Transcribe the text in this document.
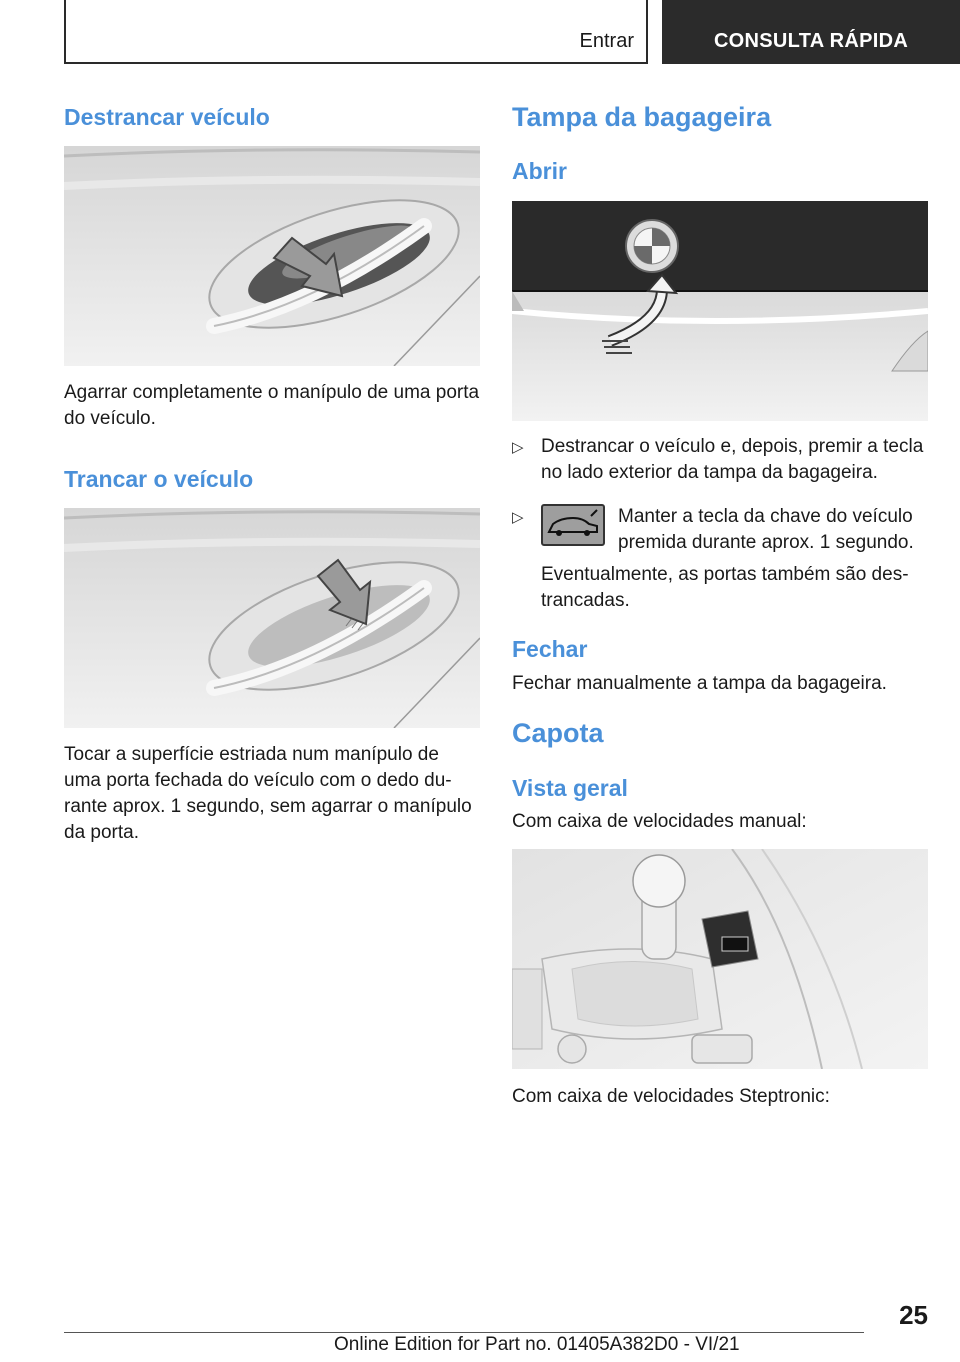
Entrar	CONSULTA RÁPIDA
Destrancar veículo

Agarrar completamente o manípulo de uma porta do veículo.

Trancar o veículo

Tocar a superfície estriada num manípulo de uma porta fechada do veículo com o dedo du-rante aprox. 1 segundo, sem agarrar o manípulo da porta.

Tampa da bagageira
Abrir
▷ Destrancar o veículo e, depois, premir a tecla no lado exterior da tampa da bagageira.

▷	Manter a tecla da chave do veículo premida durante aprox. 1 segundo.

Eventualmente, as portas também são des-trancadas.

Fechar

Fechar manualmente a tampa da bagageira.

Capota
Vista geral

Com caixa de velocidades manual:

Com caixa de velocidades Steptronic:

25
Online Edition for Part no. 01405A382D0 - VI/21
